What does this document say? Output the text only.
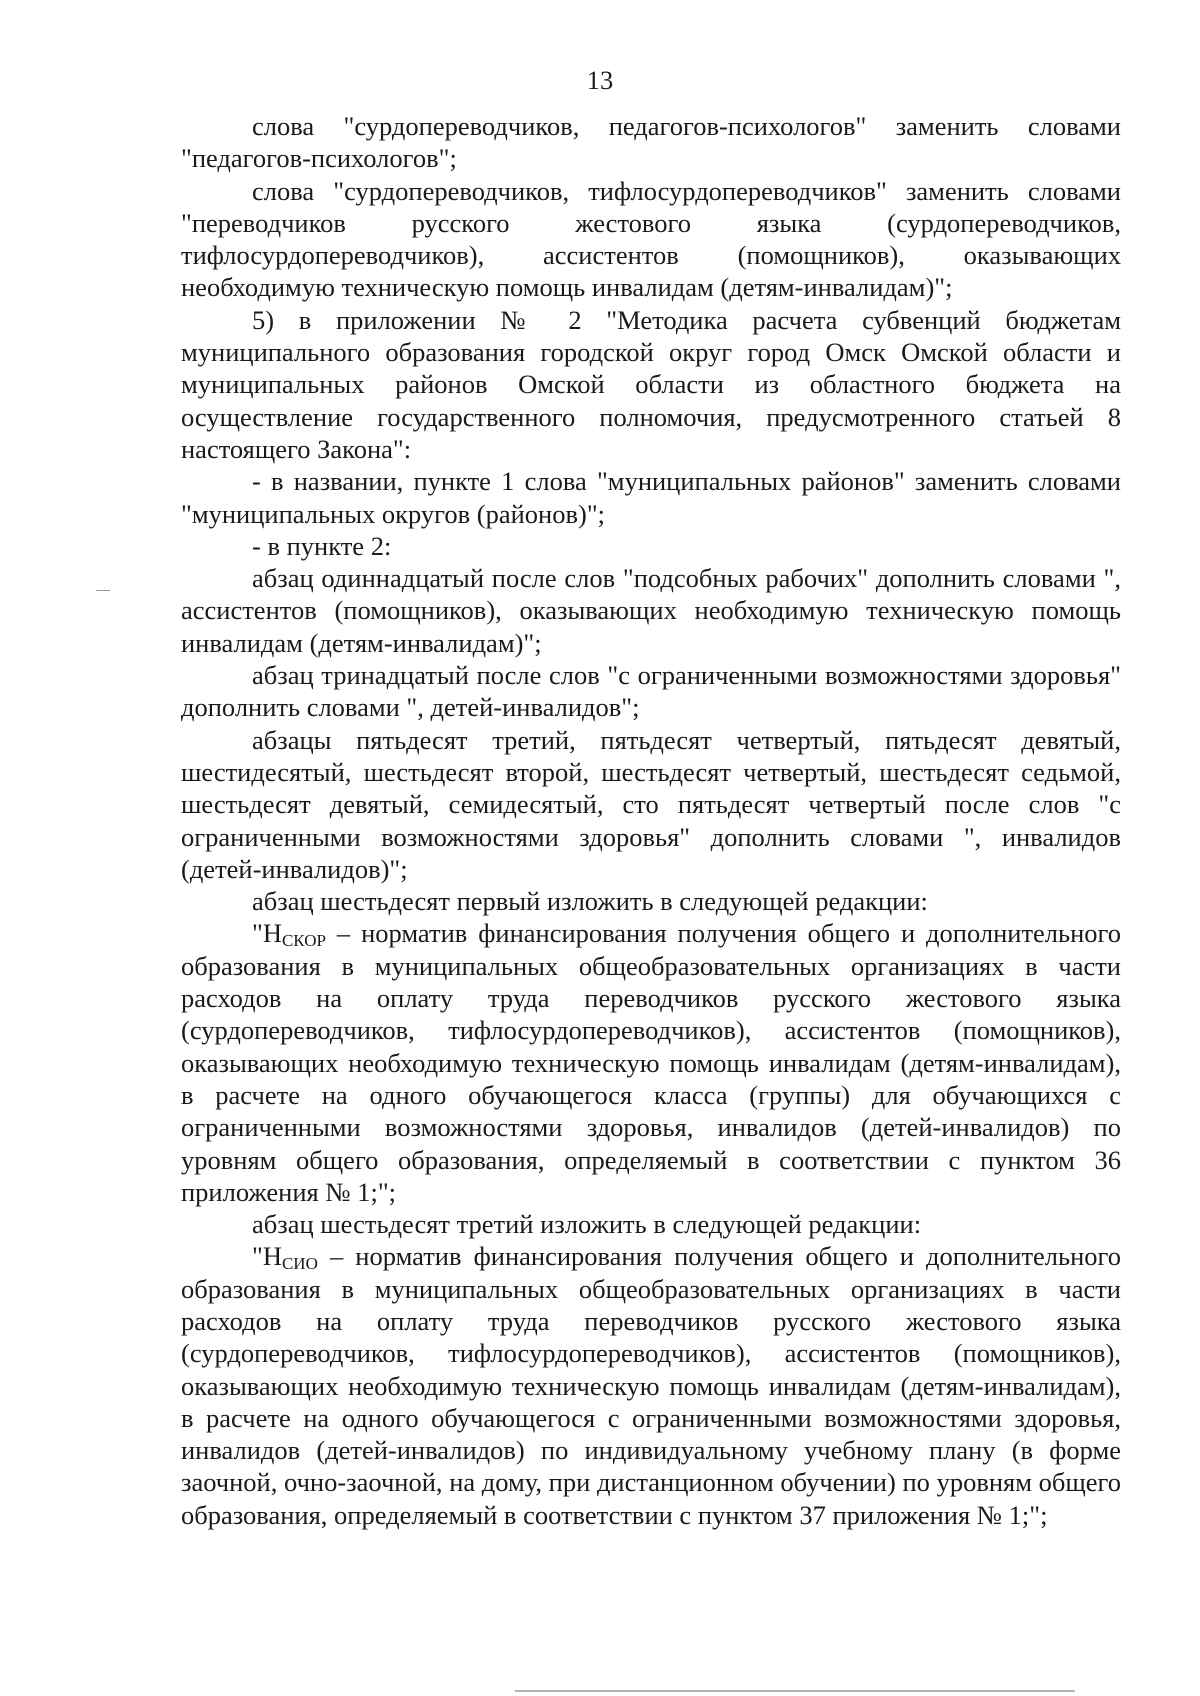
13

слова "сурдопереводчиков, педагогов-психологов" заменить словами "педагогов-психологов";

слова "сурдопереводчиков, тифлосурдопереводчиков" заменить словами "переводчиков русского жестового языка (сурдопереводчиков, тифлосурдопереводчиков), ассистентов (помощников), оказывающих необходимую техническую помощь инвалидам (детям-инвалидам)";

5) в приложении № 2 "Методика расчета субвенций бюджетам муниципального образования городской округ город Омск Омской области и муниципальных районов Омской области из областного бюджета на осуществление государственного полномочия, предусмотренного статьей 8 настоящего Закона":

- в названии, пункте 1 слова "муниципальных районов" заменить словами "муниципальных округов (районов)";

- в пункте 2:

абзац одиннадцатый после слов "подсобных рабочих" дополнить словами ", ассистентов (помощников), оказывающих необходимую техническую помощь инвалидам (детям-инвалидам)";

абзац тринадцатый после слов "с ограниченными возможностями здоровья" дополнить словами ", детей-инвалидов";

абзацы пятьдесят третий, пятьдесят четвертый, пятьдесят девятый, шестидесятый, шестьдесят второй, шестьдесят четвертый, шестьдесят седьмой, шестьдесят девятый, семидесятый, сто пятьдесят четвертый после слов "с ограниченными возможностями здоровья" дополнить словами ", инвалидов (детей-инвалидов)";

абзац шестьдесят первый изложить в следующей редакции:

"$Н_{СКОР}$ – норматив финансирования получения общего и дополнительного образования в муниципальных общеобразовательных организациях в части расходов на оплату труда переводчиков русского жестового языка (сурдопереводчиков, тифлосурдопереводчиков), ассистентов (помощников), оказывающих необходимую техническую помощь инвалидам (детям-инвалидам), в расчете на одного обучающегося класса (группы) для обучающихся с ограниченными возможностями здоровья, инвалидов (детей-инвалидов) по уровням общего образования, определяемый в соответствии с пунктом 36 приложения № 1;";

абзац шестьдесят третий изложить в следующей редакции:

"$Н_{СИО}$ – норматив финансирования получения общего и дополнительного образования в муниципальных общеобразовательных организациях в части расходов на оплату труда переводчиков русского жестового языка (сурдопереводчиков, тифлосурдопереводчиков), ассистентов (помощников), оказывающих необходимую техническую помощь инвалидам (детям-инвалидам), в расчете на одного обучающегося с ограниченными возможностями здоровья, инвалидов (детей-инвалидов) по индивидуальному учебному плану (в форме заочной, очно-заочной, на дому, при дистанционном обучении) по уровням общего образования, определяемый в соответствии с пунктом 37 приложения № 1;";
